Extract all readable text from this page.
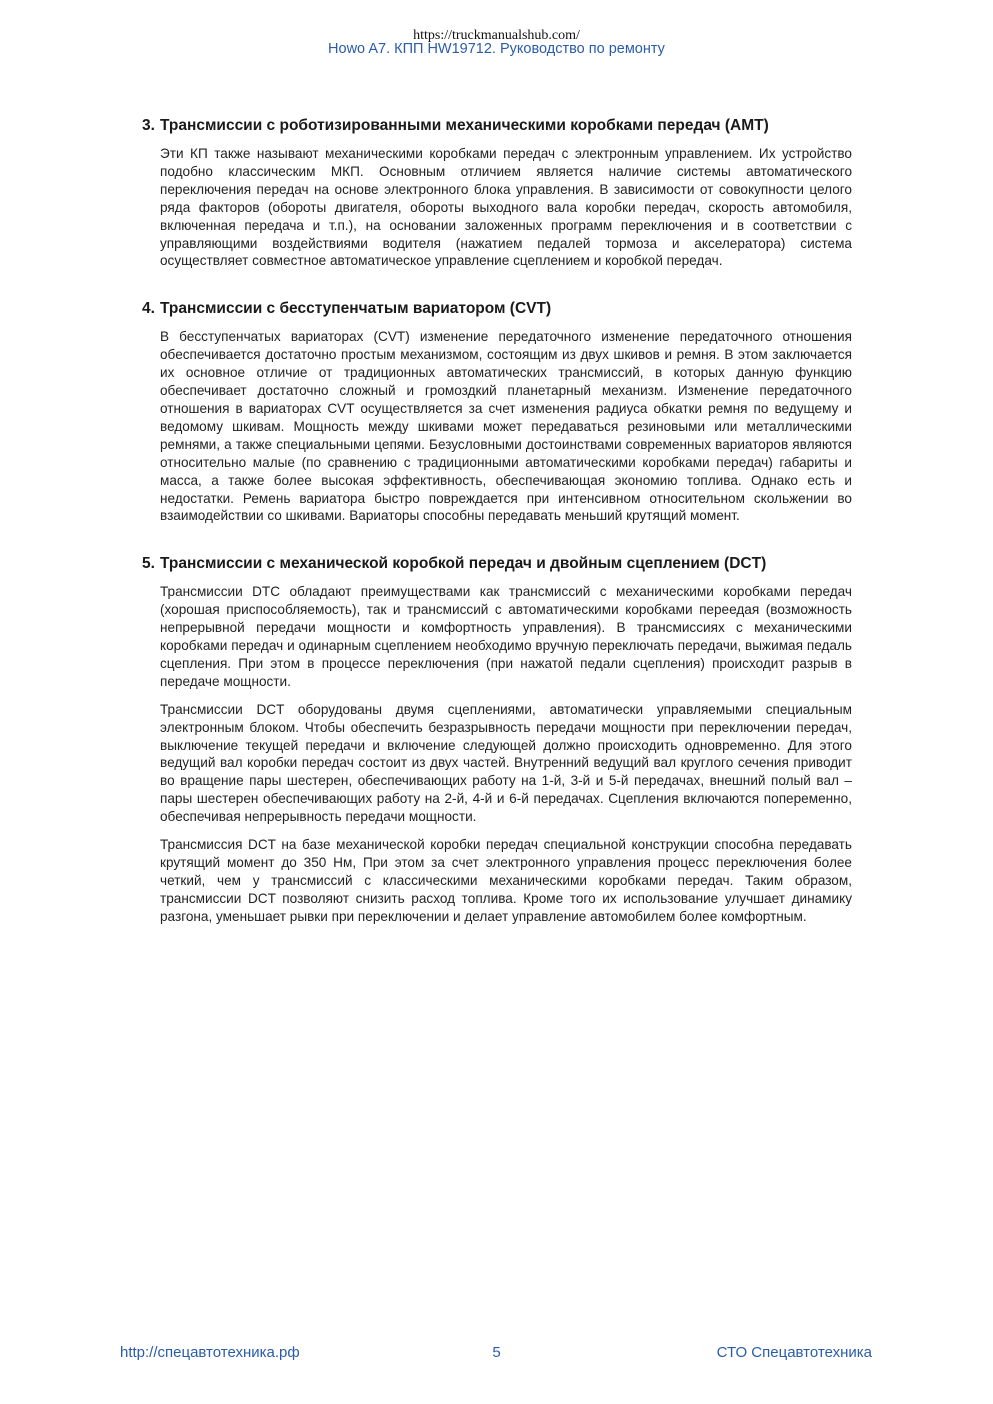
https://truckmanualshub.com/
Howo A7. КПП HW19712. Руководство по ремонту
3. Трансмиссии с роботизированными механическими коробками передач (АМТ)

Эти КП также называют механическими коробками передач с электронным управлением. Их устройство подобно классическим МКП. Основным отличием является наличие системы автоматического переключения передач на основе электронного блока управления. В зависимости от совокупности целого ряда факторов (обороты двигателя, обороты выходного вала коробки передач, скорость автомобиля, включенная передача и т.п.), на основании заложенных программ переключения и в соответствии с управляющими воздействиями водителя (нажатием педалей тормоза и акселератора) система осуществляет совместное автоматическое управление сцеплением и коробкой передач.

4. Трансмиссии с бесступенчатым вариатором (CVT)

В бесступенчатых вариаторах (CVT) изменение передаточного изменение передаточного отношения обеспечивается достаточно простым механизмом, состоящим из двух шкивов и ремня. В этом заключается их основное отличие от традиционных автоматических трансмиссий, в которых данную функцию обеспечивает достаточно сложный и громоздкий планетарный механизм. Изменение передаточного отношения в вариаторах CVT осуществляется за счет изменения радиуса обкатки ремня по ведущему и ведомому шкивам. Мощность между шкивами может передаваться резиновыми или металлическими ремнями, а также специальными цепями. Безусловными достоинствами современных вариаторов являются относительно малые (по сравнению с традиционными автоматическими коробками передач) габариты и масса, а также более высокая эффективность, обеспечивающая экономию топлива. Однако есть и недостатки. Ремень вариатора быстро повреждается при интенсивном относительном скольжении во взаимодействии со шкивами. Вариаторы способны передавать меньший крутящий момент.

5. Трансмиссии с механической коробкой передач и двойным сцеплением (DCT)

Трансмиссии DTC обладают преимуществами как трансмиссий с механическими коробками передач (хорошая приспособляемость), так и трансмиссий с автоматическими коробками переедая (возможность непрерывной передачи мощности и комфортность управления). В трансмиссиях с механическими коробками передач и одинарным сцеплением необходимо вручную переключать передачи, выжимая педаль сцепления. При этом в процессе переключения (при нажатой педали сцепления) происходит разрыв в передаче мощности.

Трансмиссии DCT оборудованы двумя сцеплениями, автоматически управляемыми специальным электронным блоком. Чтобы обеспечить безразрывность передачи мощности при переключении передач, выключение текущей передачи и включение следующей должно происходить одновременно. Для этого ведущий вал коробки передач состоит из двух частей. Внутренний ведущий вал круглого сечения приводит во вращение пары шестерен, обеспечивающих работу на 1-й, 3-й и 5-й передачах, внешний полый вал – пары шестерен обеспечивающих работу на 2-й, 4-й и 6-й передачах. Сцепления включаются попеременно, обеспечивая непрерывность передачи мощности.

Трансмиссия DCT на базе механической коробки передач специальной конструкции способна передавать крутящий момент до 350 Нм, При этом за счет электронного управления процесс переключения более четкий, чем у трансмиссий с классическими механическими коробками передач. Таким образом, трансмиссии DCT позволяют снизить расход топлива. Кроме того их использование улучшает динамику разгона, уменьшает рывки при переключении и делает управление автомобилем более комфортным.

http://спецавтотехника.рф	5	СТО Спецавтотехника
